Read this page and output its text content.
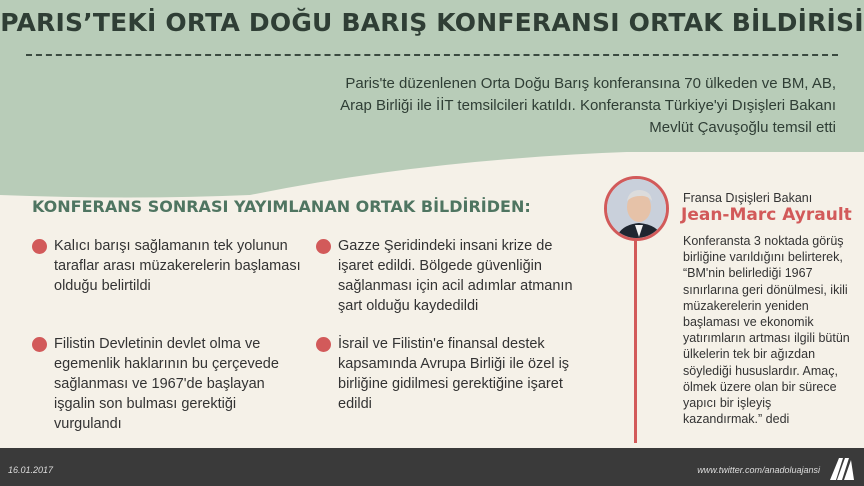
PARIS’TEKİ ORTA DOĞU BARIŞ KONFERANSI ORTAK BİLDİRİSİ

Paris'te düzenlenen Orta Doğu Barış konferansına 70 ülkeden ve BM, AB, Arap Birliği ile İİT temsilcileri katıldı. Konferansta Türkiye'yi Dışişleri Bakanı Mevlüt Çavuşoğlu temsil etti

KONFERANS SONRASI YAYIMLANAN ORTAK BİLDİRİDEN:
Kalıcı barışı sağlamanın tek yolunun taraflar arası müzakerelerin başlaması olduğu belirtildi
Gazze Şeridindeki insani krize de işaret edildi. Bölgede güvenliğin sağlanması için acil adımlar atmanın şart olduğu kaydedildi
Filistin Devletinin devlet olma ve egemenlik haklarının bu çerçevede sağlanması ve 1967'de başlayan işgalin son bulması gerektiği vurgulandı
İsrail ve Filistin'e finansal destek kapsamında Avrupa Birliği ile özel iş birliğine gidilmesi gerektiğine işaret edildi
Fransa Dışişleri Bakanı
Jean-Marc Ayrault

Konferansta 3 noktada görüş birliğine varıldığını belirterek, “BM'nin belirlediği 1967 sınırlarına geri dönülmesi, ikili müzakerelerin yeniden başlaması ve ekonomik yatırımların artması ilgili bütün ülkelerin tek bir ağızdan söylediği hususlardır. Amaç, ölmek üzere olan bir sürece yapıcı bir işleyiş kazandırmak.” dedi

16.01.2017	www.twitter.com/anadoluajansi
